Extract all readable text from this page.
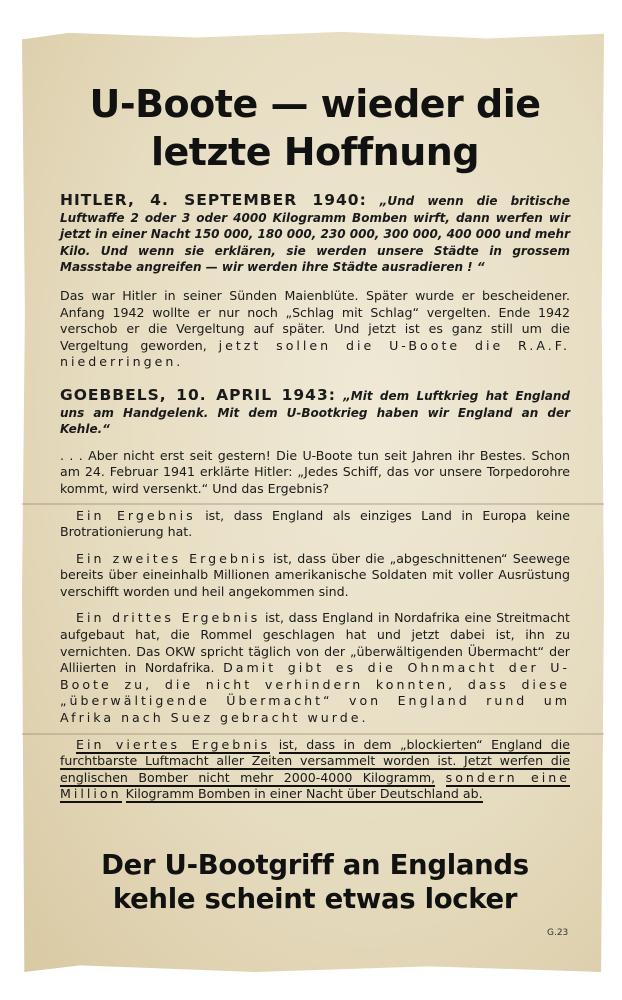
U-Boote — wieder die
letzte Hoffnung

HITLER, 4. SEPTEMBER 1940: „Und wenn die britische Luftwaffe 2 oder 3 oder 4000 Kilogramm Bomben wirft, dann werfen wir jetzt in einer Nacht 150 000, 180 000, 230 000, 300 000, 400 000 und mehr Kilo. Und wenn sie erklären, sie werden unsere Städte in grossem Massstabe angreifen — wir werden ihre Städte ausradieren ! “

Das war Hitler in seiner Sünden Maienblüte. Später wurde er bescheidener. Anfang 1942 wollte er nur noch „Schlag mit Schlag“ vergelten. Ende 1942 verschob er die Vergeltung auf später. Und jetzt ist es ganz still um die Vergeltung geworden, jetzt sollen die U-Boote die R.A.F. niederringen.

GOEBBELS, 10. APRIL 1943: „Mit dem Luftkrieg hat England uns am Handgelenk. Mit dem U-Bootkrieg haben wir England an der Kehle.“

. . . Aber nicht erst seit gestern! Die U-Boote tun seit Jahren ihr Bestes. Schon am 24. Februar 1941 erklärte Hitler: „Jedes Schiff, das vor unsere Torpedorohre kommt, wird versenkt.“ Und das Ergebnis?

Ein Ergebnis ist, dass England als einziges Land in Europa keine Brotrationierung hat.

Ein zweites Ergebnis ist, dass über die „abgeschnittenen“ Seewege bereits über eineinhalb Millionen amerikanische Soldaten mit voller Ausrüstung verschifft worden und heil angekommen sind.

Ein drittes Ergebnis ist, dass England in Nordafrika eine Streitmacht aufgebaut hat, die Rommel geschlagen hat und jetzt dabei ist, ihn zu vernichten. Das OKW spricht täglich von der „überwältigenden Übermacht“ der Alliierten in Nordafrika. Damit gibt es die Ohnmacht der U-Boote zu, die nicht verhindern konnten, dass diese „überwältigende Übermacht“ von England rund um Afrika nach Suez gebracht wurde.

Ein viertes Ergebnis ist, dass in dem „blockierten“ England die furchtbarste Luftmacht aller Zeiten versammelt worden ist. Jetzt werfen die englischen Bomber nicht mehr 2000-4000 Kilogramm, sondern eine Million Kilogramm Bomben in einer Nacht über Deutschland ab.

Der U-Bootgriff an Englands
kehle scheint etwas locker
G.23
